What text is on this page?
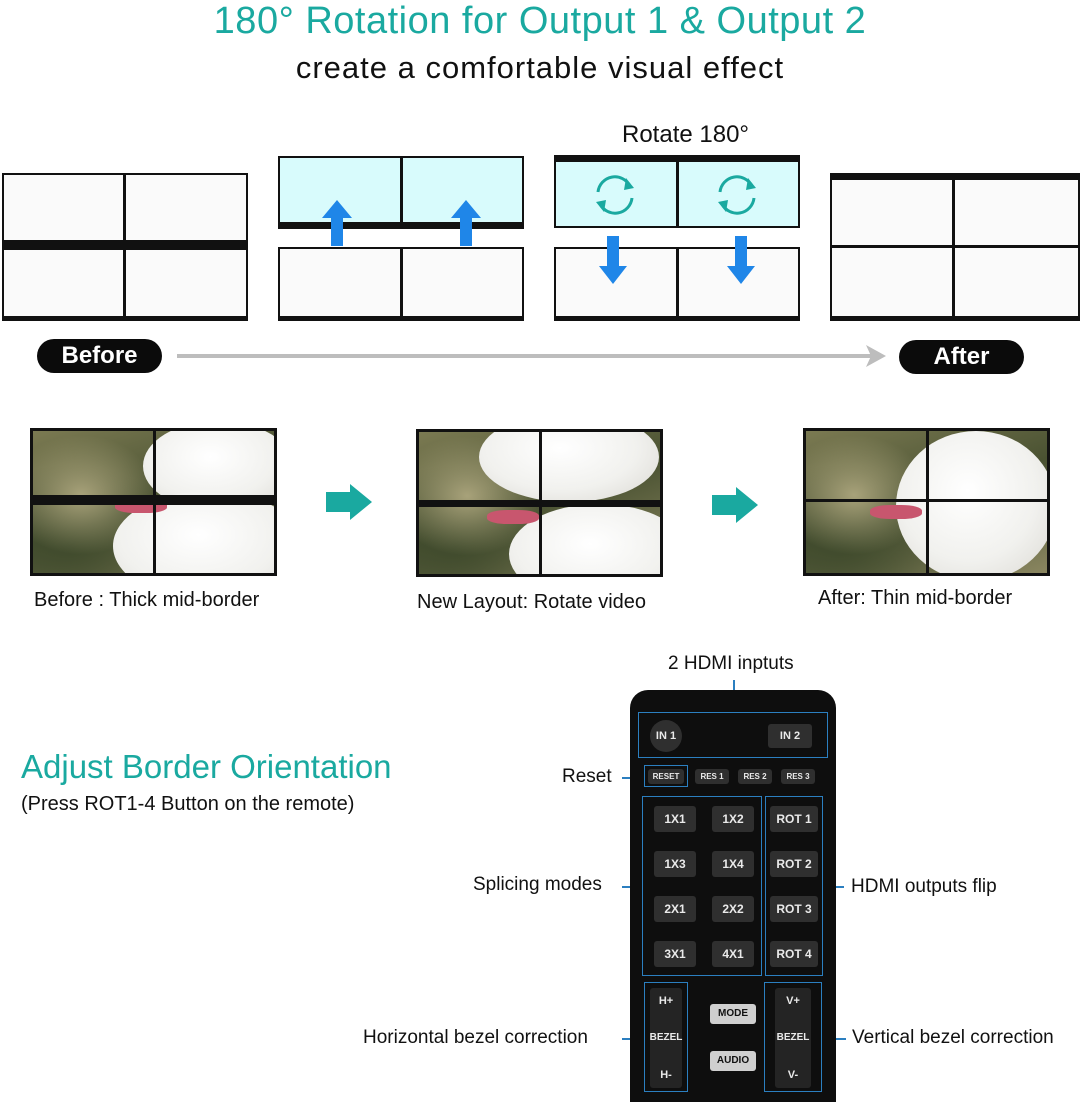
180° Rotation for Output 1 & Output 2
create a comfortable visual effect
Rotate 180°
Before	After
Before : Thick mid-border	New Layout: Rotate video	After: Thin mid-border
Adjust Border Orientation
(Press ROT1-4 Button on the remote)
2 HDMI inptuts
Reset
Splicing modes	HDMI outputs flip
Horizontal bezel correction	Vertical bezel correction
IN 1	IN 2
RESET	RES 1	RES 2	RES 3
1X1	1X2
1X3	1X4
2X1	2X2
3X1	4X1
ROT 1
ROT 2
ROT 3
ROT 4
H+
BEZEL
H-
MODE
AUDIO
V+
BEZEL
V-
